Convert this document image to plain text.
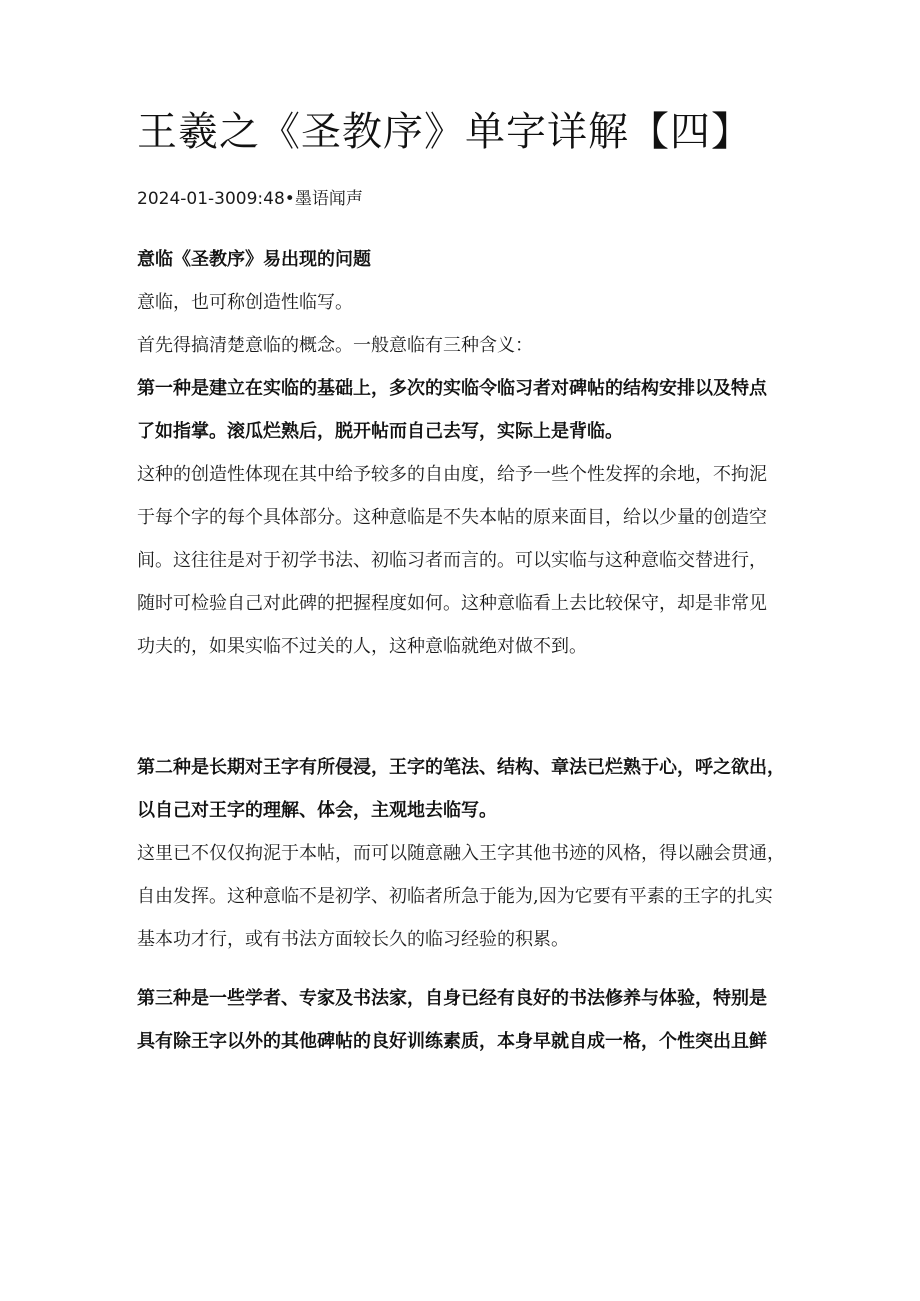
王羲之《圣教序》单字详解【四】
2024-01-3009:48•墨语闻声

意临《圣教序》易出现的问题

意临，也可称创造性临写。

首先得搞清楚意临的概念。一般意临有三种含义：

第一种是建立在实临的基础上，多次的实临令临习者对碑帖的结构安排以及特点

了如指掌。滚瓜烂熟后，脱开帖而自己去写，实际上是背临。

这种的创造性体现在其中给予较多的自由度，给予一些个性发挥的余地，不拘泥

于每个字的每个具体部分。这种意临是不失本帖的原来面目，给以少量的创造空

间。这往往是对于初学书法、初临习者而言的。可以实临与这种意临交替进行，

随时可检验自己对此碑的把握程度如何。这种意临看上去比较保守，却是非常见

功夫的，如果实临不过关的人，这种意临就绝对做不到。

第二种是长期对王字有所侵浸，王字的笔法、结构、章法已烂熟于心，呼之欲出，

以自己对王字的理解、体会，主观地去临写。

这里已不仅仅拘泥于本帖，而可以随意融入王字其他书迹的风格，得以融会贯通，

自由发挥。这种意临不是初学、初临者所急于能为,因为它要有平素的王字的扎实

基本功才行，或有书法方面较长久的临习经验的积累。

第三种是一些学者、专家及书法家，自身已经有良好的书法修养与体验，特别是

具有除王字以外的其他碑帖的良好训练素质，本身早就自成一格，个性突出且鲜
